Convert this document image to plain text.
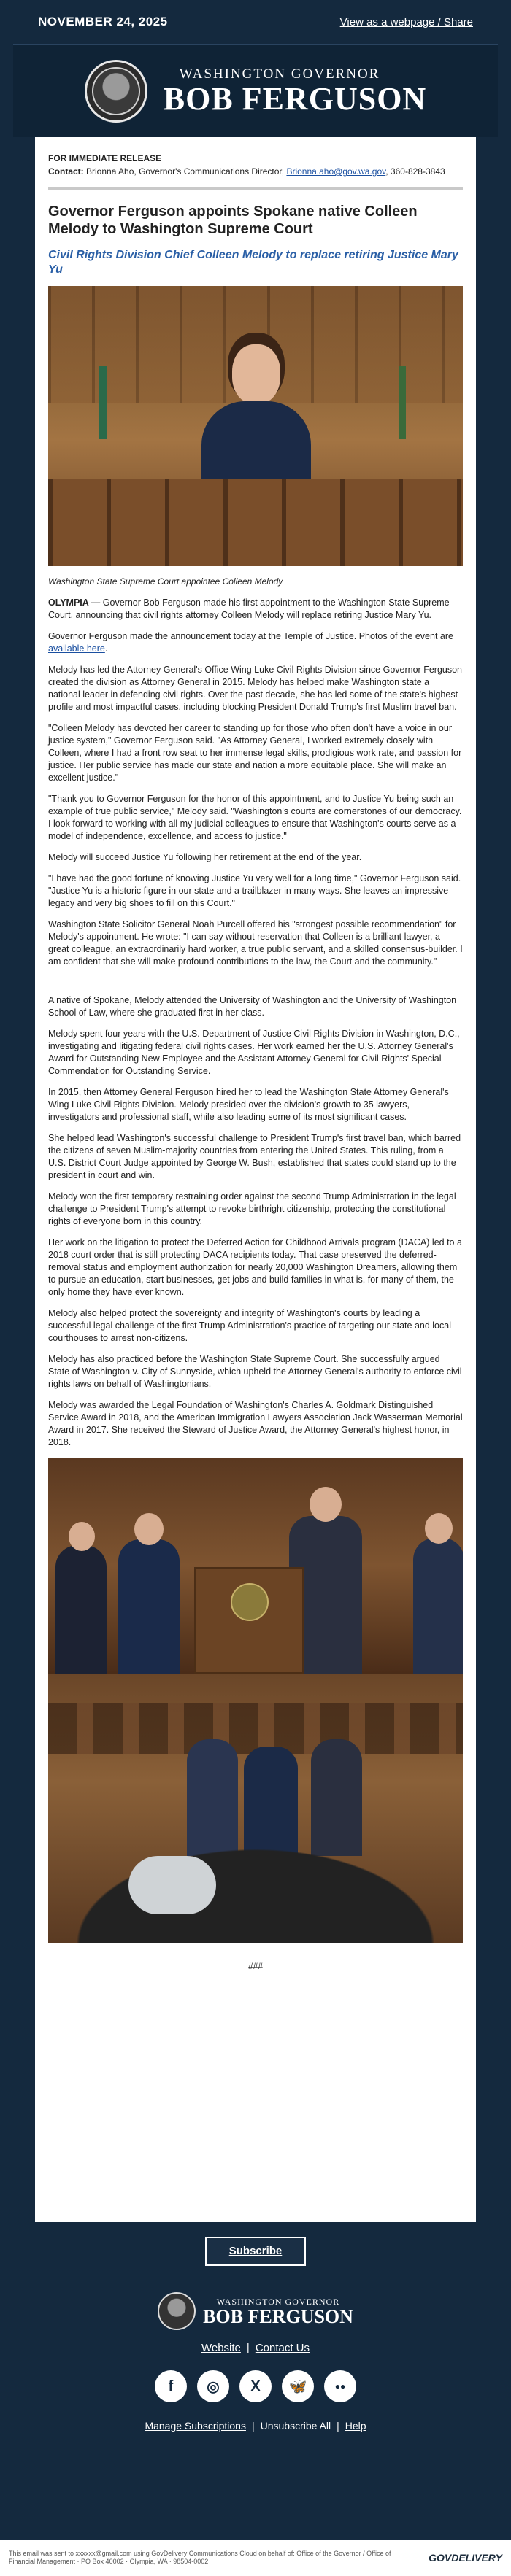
NOVEMBER 24, 2025	View as a webpage / Share
WASHINGTON GOVERNOR
BOB FERGUSON
FOR IMMEDIATE RELEASE
Contact: Brionna Aho, Governor's Communications Director, Brionna.aho@gov.wa.gov, 360-828-3843
Governor Ferguson appoints Spokane native Colleen Melody to Washington Supreme Court
Civil Rights Division Chief Colleen Melody to replace retiring Justice Mary Yu
Washington State Supreme Court appointee Colleen Melody

OLYMPIA — Governor Bob Ferguson made his first appointment to the Washington State Supreme Court, announcing that civil rights attorney Colleen Melody will replace retiring Justice Mary Yu.

Governor Ferguson made the announcement today at the Temple of Justice. Photos of the event are available here.

Melody has led the Attorney General's Office Wing Luke Civil Rights Division since Governor Ferguson created the division as Attorney General in 2015. Melody has helped make Washington state a national leader in defending civil rights. Over the past decade, she has led some of the state's highest-profile and most impactful cases, including blocking President Donald Trump's first Muslim travel ban.

"Colleen Melody has devoted her career to standing up for those who often don't have a voice in our justice system," Governor Ferguson said. "As Attorney General, I worked extremely closely with Colleen, where I had a front row seat to her immense legal skills, prodigious work rate, and passion for justice. Her public service has made our state and nation a more equitable place. She will make an excellent justice."

"Thank you to Governor Ferguson for the honor of this appointment, and to Justice Yu being such an example of true public service," Melody said. "Washington's courts are cornerstones of our democracy. I look forward to working with all my judicial colleagues to ensure that Washington's courts serve as a model of independence, excellence, and access to justice."

Melody will succeed Justice Yu following her retirement at the end of the year.

"I have had the good fortune of knowing Justice Yu very well for a long time," Governor Ferguson said. "Justice Yu is a historic figure in our state and a trailblazer in many ways. She leaves an impressive legacy and very big shoes to fill on this Court."

Washington State Solicitor General Noah Purcell offered his "strongest possible recommendation" for Melody's appointment. He wrote: "I can say without reservation that Colleen is a brilliant lawyer, a great colleague, an extraordinarily hard worker, a true public servant, and a skilled consensus-builder. I am confident that she will make profound contributions to the law, the Court and the community."

A native of Spokane, Melody attended the University of Washington and the University of Washington School of Law, where she graduated first in her class.

Melody spent four years with the U.S. Department of Justice Civil Rights Division in Washington, D.C., investigating and litigating federal civil rights cases. Her work earned her the U.S. Attorney General's Award for Outstanding New Employee and the Assistant Attorney General for Civil Rights' Special Commendation for Outstanding Service.

In 2015, then Attorney General Ferguson hired her to lead the Washington State Attorney General's Wing Luke Civil Rights Division. Melody presided over the division's growth to 35 lawyers, investigators and professional staff, while also leading some of its most significant cases.

She helped lead Washington's successful challenge to President Trump's first travel ban, which barred the citizens of seven Muslim-majority countries from entering the United States. This ruling, from a U.S. District Court Judge appointed by George W. Bush, established that states could stand up to the president in court and win.

Melody won the first temporary restraining order against the second Trump Administration in the legal challenge to President Trump's attempt to revoke birthright citizenship, protecting the constitutional rights of everyone born in this country.

Her work on the litigation to protect the Deferred Action for Childhood Arrivals program (DACA) led to a 2018 court order that is still protecting DACA recipients today. That case preserved the deferred-removal status and employment authorization for nearly 20,000 Washington Dreamers, allowing them to pursue an education, start businesses, get jobs and build families in what is, for many of them, the only home they have ever known.

Melody also helped protect the sovereignty and integrity of Washington's courts by leading a successful legal challenge of the first Trump Administration's practice of targeting our state and local courthouses to arrest non-citizens.

Melody has also practiced before the Washington State Supreme Court. She successfully argued State of Washington v. City of Sunnyside, which upheld the Attorney General's authority to enforce civil rights laws on behalf of Washingtonians.

Melody was awarded the Legal Foundation of Washington's Charles A. Goldmark Distinguished Service Award in 2018, and the American Immigration Lawyers Association Jack Wasserman Memorial Award in 2017. She received the Steward of Justice Award, the Attorney General's highest honor, in 2018.

###
Subscribe
WASHINGTON GOVERNOR
BOB FERGUSON
Website | Contact Us
f	◎	X	🦋	●●
Manage Subscriptions | Unsubscribe All | Help
This email was sent to xxxxxx@gmail.com using GovDelivery Communications Cloud on behalf of: Office of the Governor / Office of Financial Management · PO Box 40002 · Olympia, WA · 98504-0002	GOVDELIVERY
